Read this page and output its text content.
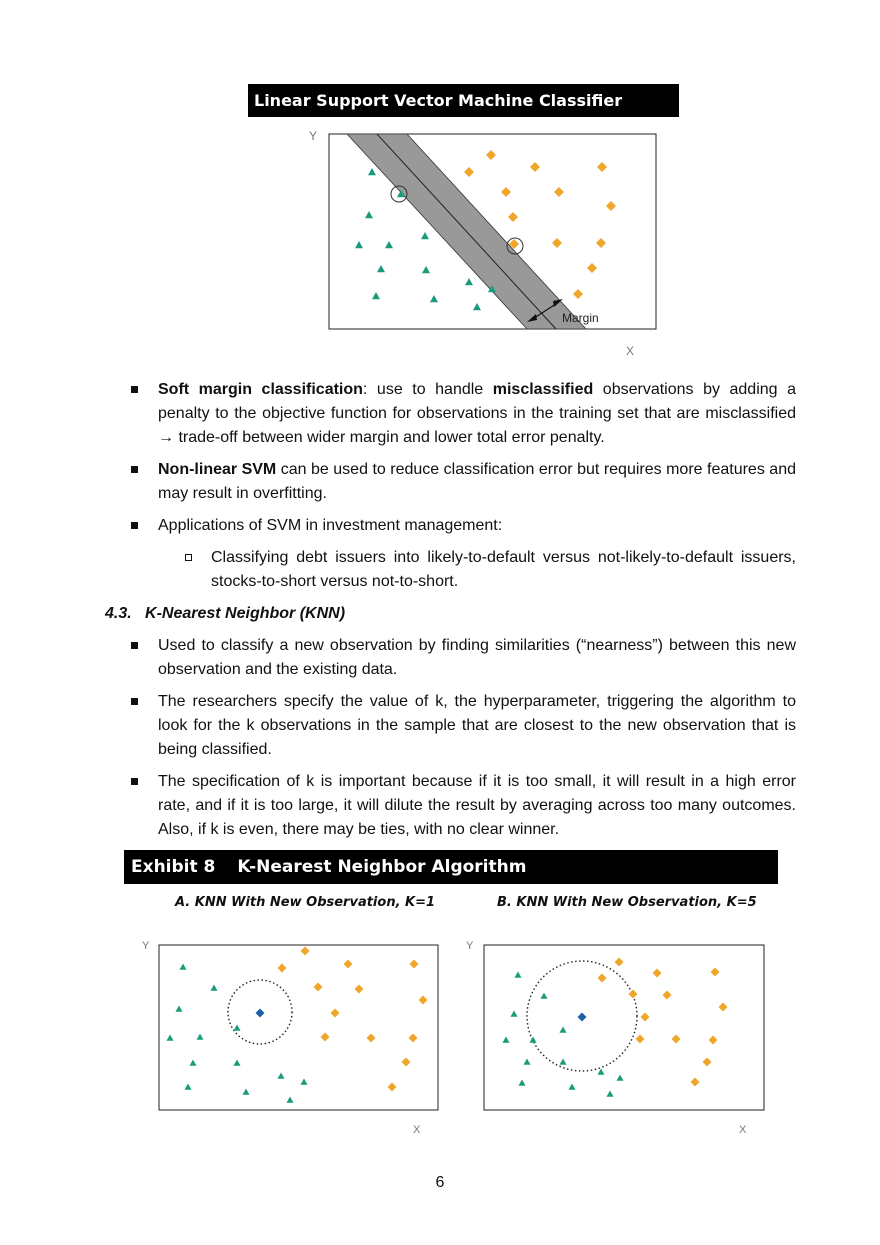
Linear Support Vector Machine Classifier
Y
X
Margin
Soft margin classification: use to handle misclassified observations by adding a penalty to the objective function for observations in the training set that are misclassified → trade-off between wider margin and lower total error penalty.
Non-linear SVM can be used to reduce classification error but requires more features and may result in overfitting.
Applications of SVM in investment management:
Classifying debt issuers into likely-to-default versus not-likely-to-default issuers, stocks-to-short versus not-to-short.
4.3.   K-Nearest Neighbor (KNN)
Used to classify a new observation by finding similarities (“nearness”) between this new observation and the existing data.
The researchers specify the value of k, the hyperparameter, triggering the algorithm to look for the k observations in the sample that are closest to the new observation that is being classified.
The specification of k is important because if it is too small, it will result in a high error rate, and if it is too large, it will dilute the result by averaging across too many outcomes. Also, if k is even, there may be ties, with no clear winner.
Exhibit 8 K-Nearest Neighbor Algorithm
A. KNN With New Observation, K=1	B. KNN With New Observation, K=5
Y
X
Y
X
6
